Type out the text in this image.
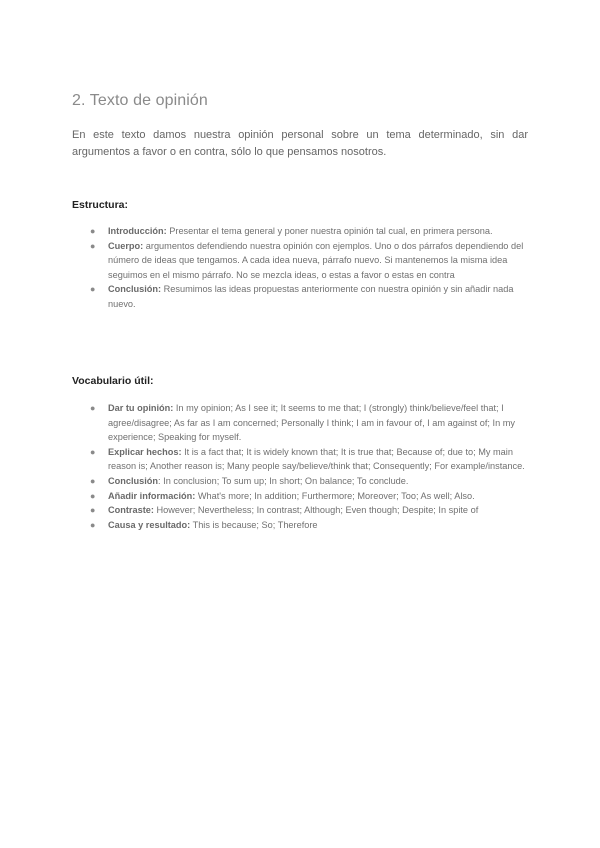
2. Texto de opinión

En este texto damos nuestra opinión personal sobre un tema determinado, sin dar argumentos a favor o en contra, sólo lo que pensamos nosotros.

Estructura:
● Introducción: Presentar el tema general y poner nuestra opinión tal cual, en primera persona.
● Cuerpo: argumentos defendiendo nuestra opinión con ejemplos. Uno o dos párrafos dependiendo del número de ideas que tengamos. A cada idea nueva, párrafo nuevo. Si mantenemos la misma idea seguimos en el mismo párrafo. No se mezcla ideas, o estas a favor o estas en contra
● Conclusión: Resumimos las ideas propuestas anteriormente con nuestra opinión y sin añadir nada nuevo.
Vocabulario útil:
● Dar tu opinión: In my opinion; As I see it; It seems to me that; I (strongly) think/believe/feel that; I agree/disagree; As far as I am concerned; Personally I think; I am in favour of, I am against of; In my experience; Speaking for myself.
● Explicar hechos: It is a fact that; It is widely known that; It is true that; Because of; due to; My main reason is; Another reason is; Many people say/believe/think that; Consequently; For example/instance.
● Conclusión: In conclusion; To sum up; In short; On balance; To conclude.
● Añadir información: What's more; In addition; Furthermore; Moreover; Too; As well; Also.
● Contraste: However; Nevertheless; In contrast; Although; Even though; Despite; In spite of
● Causa y resultado: This is because; So; Therefore
